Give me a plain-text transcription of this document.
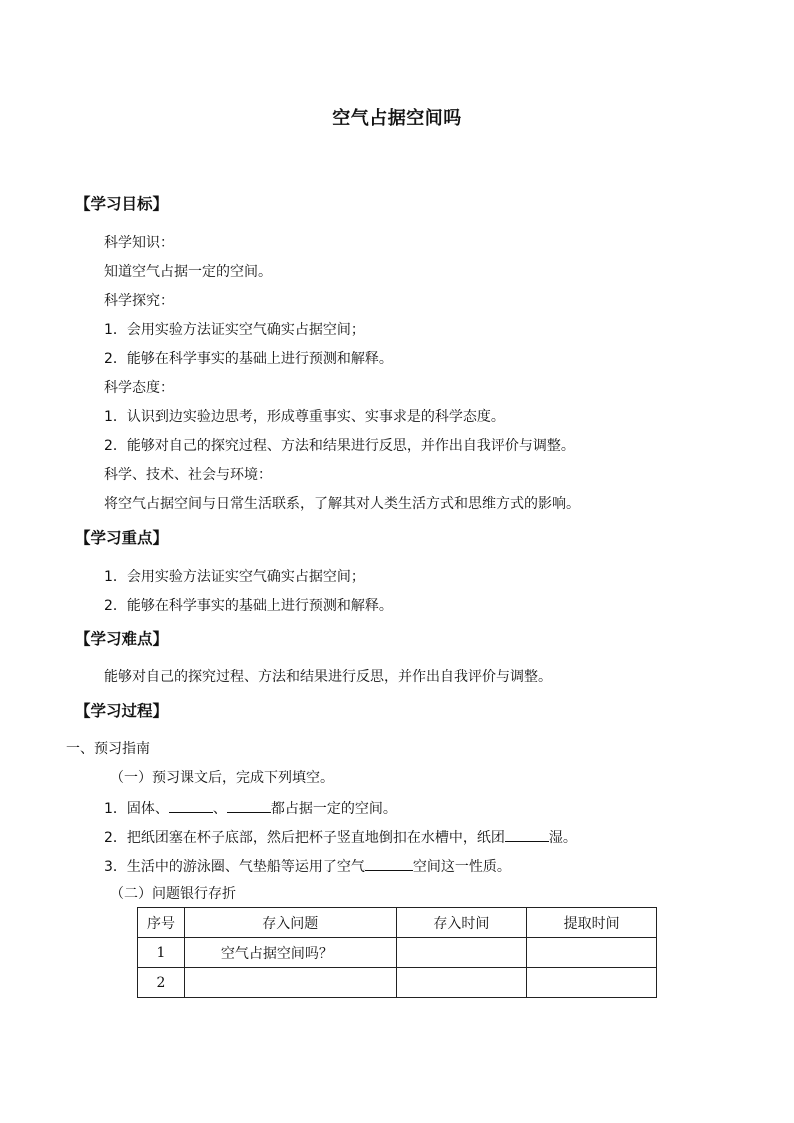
空气占据空间吗
【学习目标】
科学知识：
知道空气占据一定的空间。
科学探究：
1．会用实验方法证实空气确实占据空间；
2．能够在科学事实的基础上进行预测和解释。
科学态度：
1．认识到边实验边思考，形成尊重事实、实事求是的科学态度。
2．能够对自己的探究过程、方法和结果进行反思，并作出自我评价与调整。
科学、技术、社会与环境：
将空气占据空间与日常生活联系，了解其对人类生活方式和思维方式的影响。
【学习重点】
1．会用实验方法证实空气确实占据空间；
2．能够在科学事实的基础上进行预测和解释。
【学习难点】
能够对自己的探究过程、方法和结果进行反思，并作出自我评价与调整。
【学习过程】
一、预习指南
（一）预习课文后，完成下列填空。
1．固体、	、	都占据一定的空间。
2．把纸团塞在杯子底部，然后把杯子竖直地倒扣在水槽中，纸团	湿。
3．生活中的游泳圈、气垫船等运用了空气	空间这一性质。
（二）问题银行存折
序号	存入问题	存入时间	提取时间
1	空气占据空间吗？		
2			
